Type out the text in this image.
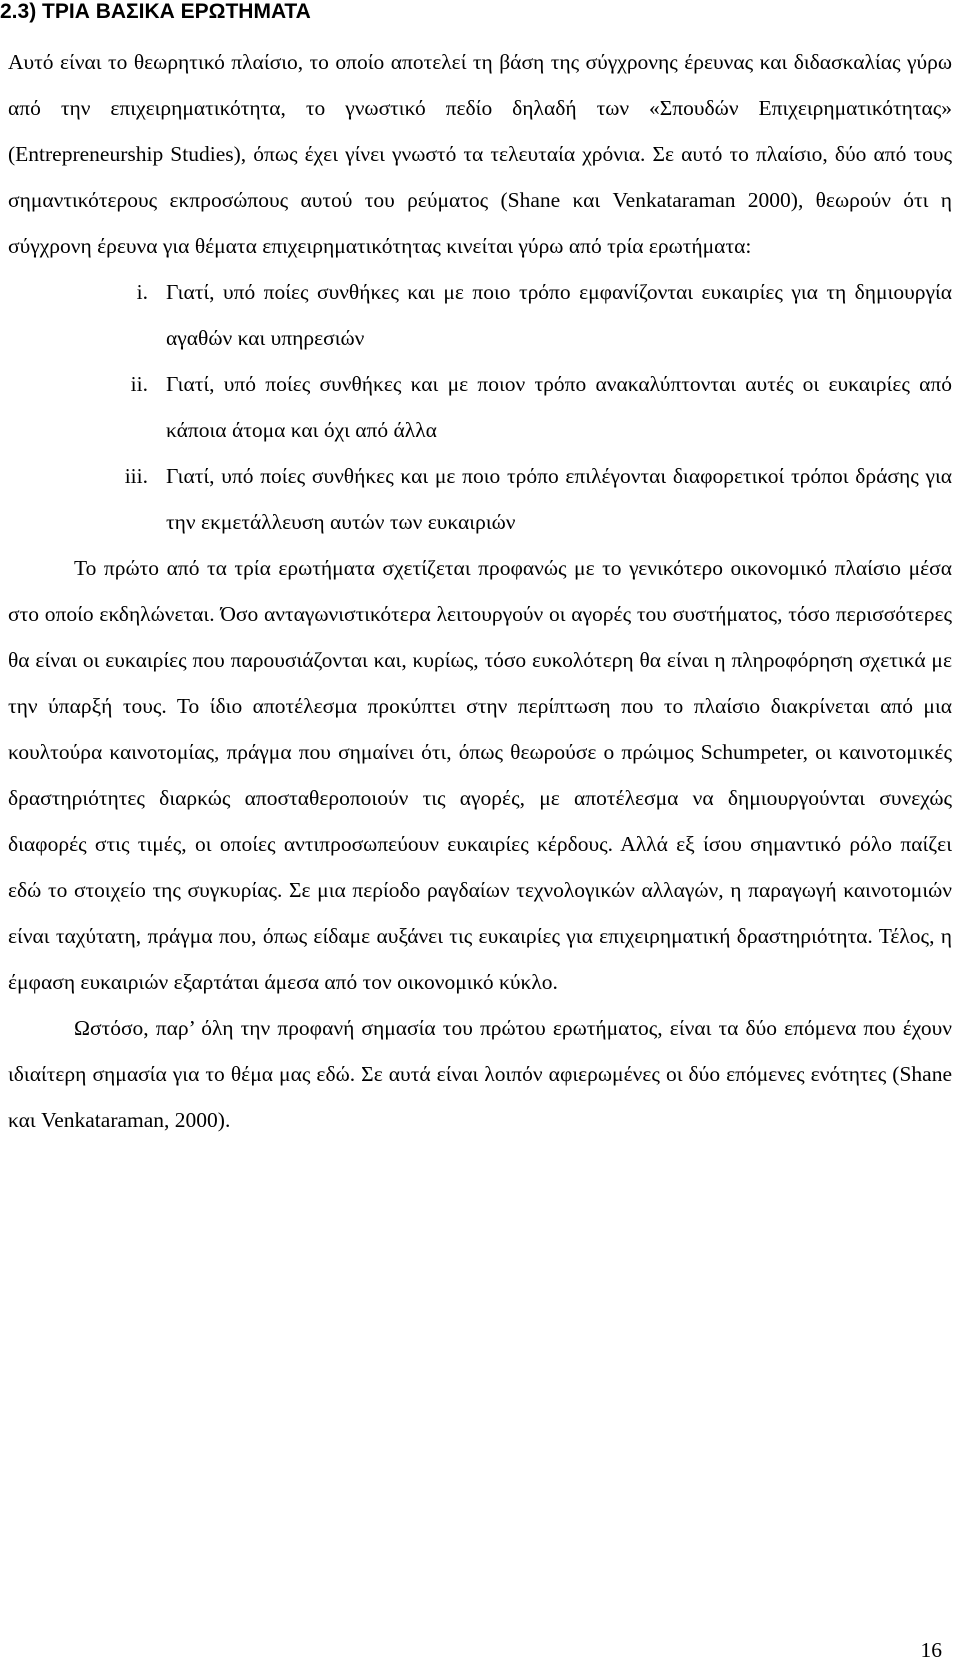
2.3) ΤΡΙΑ ΒΑΣΙΚΑ ΕΡΩΤΗΜΑΤΑ

Αυτό είναι το θεωρητικό πλαίσιο, το οποίο αποτελεί τη βάση της σύγχρονης έρευνας και διδασκαλίας γύρω από την επιχειρηματικότητα, το γνωστικό πεδίο δηλαδή των «Σπουδών Επιχειρηματικότητας» (Entrepreneurship Studies), όπως έχει γίνει γνωστό τα τελευταία χρόνια. Σε αυτό το πλαίσιο, δύο από τους σημαντικότερους εκπροσώπους αυτού του ρεύματος (Shane και Venkataraman 2000), θεωρούν ότι η σύγχρονη έρευνα για θέματα επιχειρηματικότητας κινείται γύρω από τρία ερωτήματα:

i. Γιατί, υπό ποίες συνθήκες και με ποιο τρόπο εμφανίζονται ευκαιρίες για τη δημιουργία αγαθών και υπηρεσιών
ii. Γιατί, υπό ποίες συνθήκες και με ποιον τρόπο ανακαλύπτονται αυτές οι ευκαιρίες από κάποια άτομα και όχι από άλλα
iii. Γιατί, υπό ποίες συνθήκες και με ποιο τρόπο επιλέγονται διαφορετικοί τρόποι δράσης για την εκμετάλλευση αυτών των ευκαιριών

Το πρώτο από τα τρία ερωτήματα σχετίζεται προφανώς με το γενικότερο οικονομικό πλαίσιο μέσα στο οποίο εκδηλώνεται. Όσο ανταγωνιστικότερα λειτουργούν οι αγορές του συστήματος, τόσο περισσότερες θα είναι οι ευκαιρίες που παρουσιάζονται και, κυρίως, τόσο ευκολότερη θα είναι η πληροφόρηση σχετικά με την ύπαρξή τους. Το ίδιο αποτέλεσμα προκύπτει στην περίπτωση που το πλαίσιο διακρίνεται από μια κουλτούρα καινοτομίας, πράγμα που σημαίνει ότι, όπως θεωρούσε ο πρώιμος Schumpeter, οι καινοτομικές δραστηριότητες διαρκώς αποσταθεροποιούν τις αγορές, με αποτέλεσμα να δημιουργούνται συνεχώς διαφορές στις τιμές, οι οποίες αντιπροσωπεύουν ευκαιρίες κέρδους. Αλλά εξ ίσου σημαντικό ρόλο παίζει εδώ το στοιχείο της συγκυρίας. Σε μια περίοδο ραγδαίων τεχνολογικών αλλαγών, η παραγωγή καινοτομιών είναι ταχύτατη, πράγμα που, όπως είδαμε αυξάνει τις ευκαιρίες για επιχειρηματική δραστηριότητα. Τέλος, η έμφαση ευκαιριών εξαρτάται άμεσα από τον οικονομικό κύκλο.

Ωστόσο, παρ’ όλη την προφανή σημασία του πρώτου ερωτήματος, είναι τα δύο επόμενα που έχουν ιδιαίτερη σημασία για το θέμα μας εδώ. Σε αυτά είναι λοιπόν αφιερωμένες οι δύο επόμενες ενότητες (Shane και Venkataraman, 2000).

16
